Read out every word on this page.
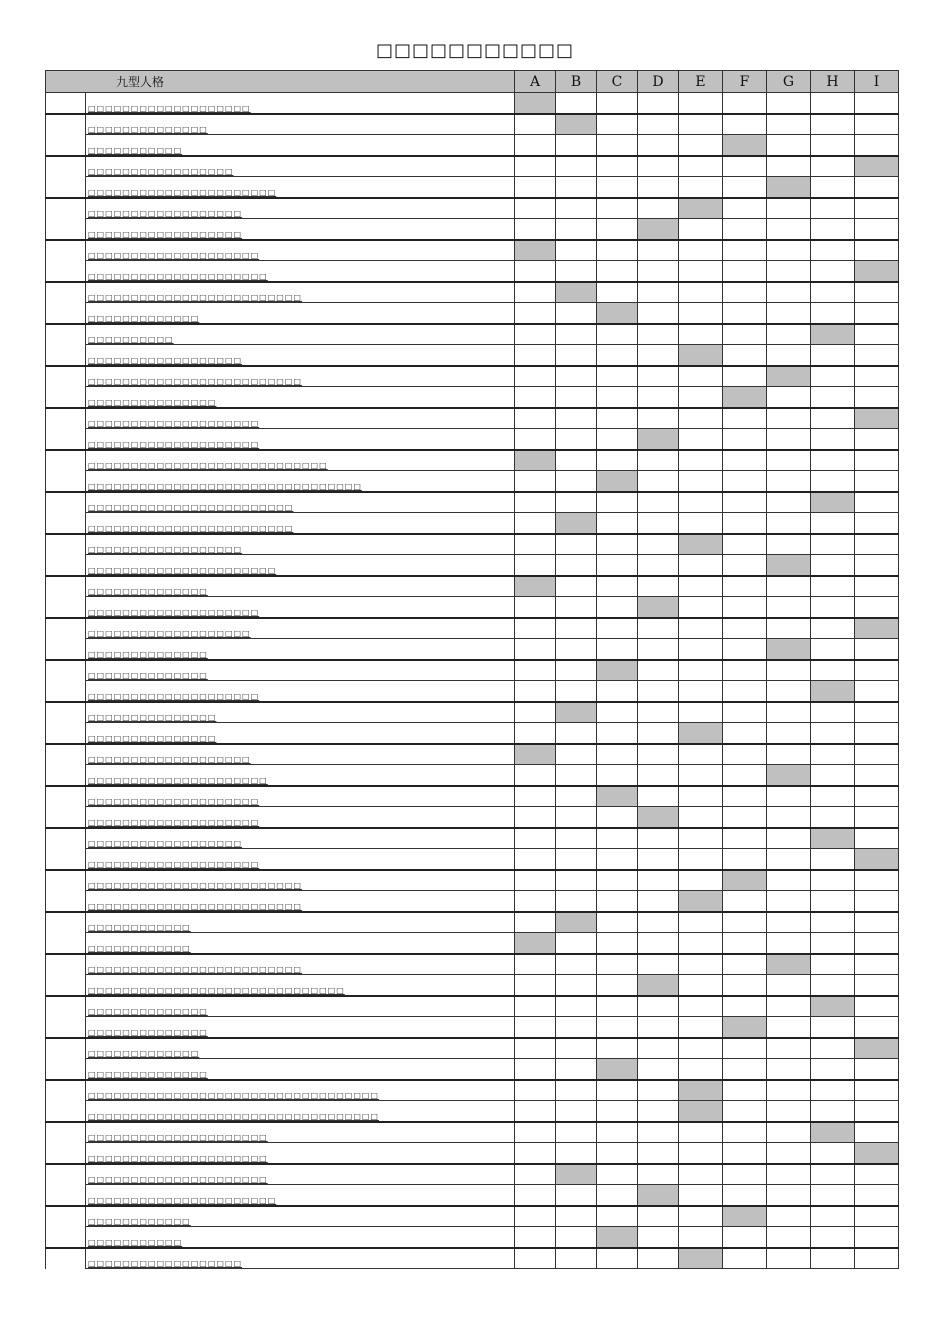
□□□□□□□□□□□
九型人格		A	B	C	D	E	F	G	H	I
	□□□□□□□□□□□□□□□□□□□									
	□□□□□□□□□□□□□□									
	□□□□□□□□□□□									
	□□□□□□□□□□□□□□□□□									
	□□□□□□□□□□□□□□□□□□□□□□									
	□□□□□□□□□□□□□□□□□□									
	□□□□□□□□□□□□□□□□□□									
	□□□□□□□□□□□□□□□□□□□□									
	□□□□□□□□□□□□□□□□□□□□□									
	□□□□□□□□□□□□□□□□□□□□□□□□□									
	□□□□□□□□□□□□□									
	□□□□□□□□□□									
	□□□□□□□□□□□□□□□□□□									
	□□□□□□□□□□□□□□□□□□□□□□□□□									
	□□□□□□□□□□□□□□□									
	□□□□□□□□□□□□□□□□□□□□									
	□□□□□□□□□□□□□□□□□□□□									
	□□□□□□□□□□□□□□□□□□□□□□□□□□□□									
	□□□□□□□□□□□□□□□□□□□□□□□□□□□□□□□□									
	□□□□□□□□□□□□□□□□□□□□□□□□									
	□□□□□□□□□□□□□□□□□□□□□□□□									
	□□□□□□□□□□□□□□□□□□									
	□□□□□□□□□□□□□□□□□□□□□□									
	□□□□□□□□□□□□□□									
	□□□□□□□□□□□□□□□□□□□□									
	□□□□□□□□□□□□□□□□□□□									
	□□□□□□□□□□□□□□									
	□□□□□□□□□□□□□□									
	□□□□□□□□□□□□□□□□□□□□									
	□□□□□□□□□□□□□□□									
	□□□□□□□□□□□□□□□									
	□□□□□□□□□□□□□□□□□□□									
	□□□□□□□□□□□□□□□□□□□□□									
	□□□□□□□□□□□□□□□□□□□□									
	□□□□□□□□□□□□□□□□□□□□									
	□□□□□□□□□□□□□□□□□□									
	□□□□□□□□□□□□□□□□□□□□									
	□□□□□□□□□□□□□□□□□□□□□□□□□									
	□□□□□□□□□□□□□□□□□□□□□□□□□									
	□□□□□□□□□□□□									
	□□□□□□□□□□□□									
	□□□□□□□□□□□□□□□□□□□□□□□□□									
	□□□□□□□□□□□□□□□□□□□□□□□□□□□□□□									
	□□□□□□□□□□□□□□									
	□□□□□□□□□□□□□□									
	□□□□□□□□□□□□□									
	□□□□□□□□□□□□□□									
	□□□□□□□□□□□□□□□□□□□□□□□□□□□□□□□□□□									
	□□□□□□□□□□□□□□□□□□□□□□□□□□□□□□□□□□									
	□□□□□□□□□□□□□□□□□□□□□									
	□□□□□□□□□□□□□□□□□□□□□									
	□□□□□□□□□□□□□□□□□□□□□									
	□□□□□□□□□□□□□□□□□□□□□□									
	□□□□□□□□□□□□									
	□□□□□□□□□□□									
	□□□□□□□□□□□□□□□□□□									
